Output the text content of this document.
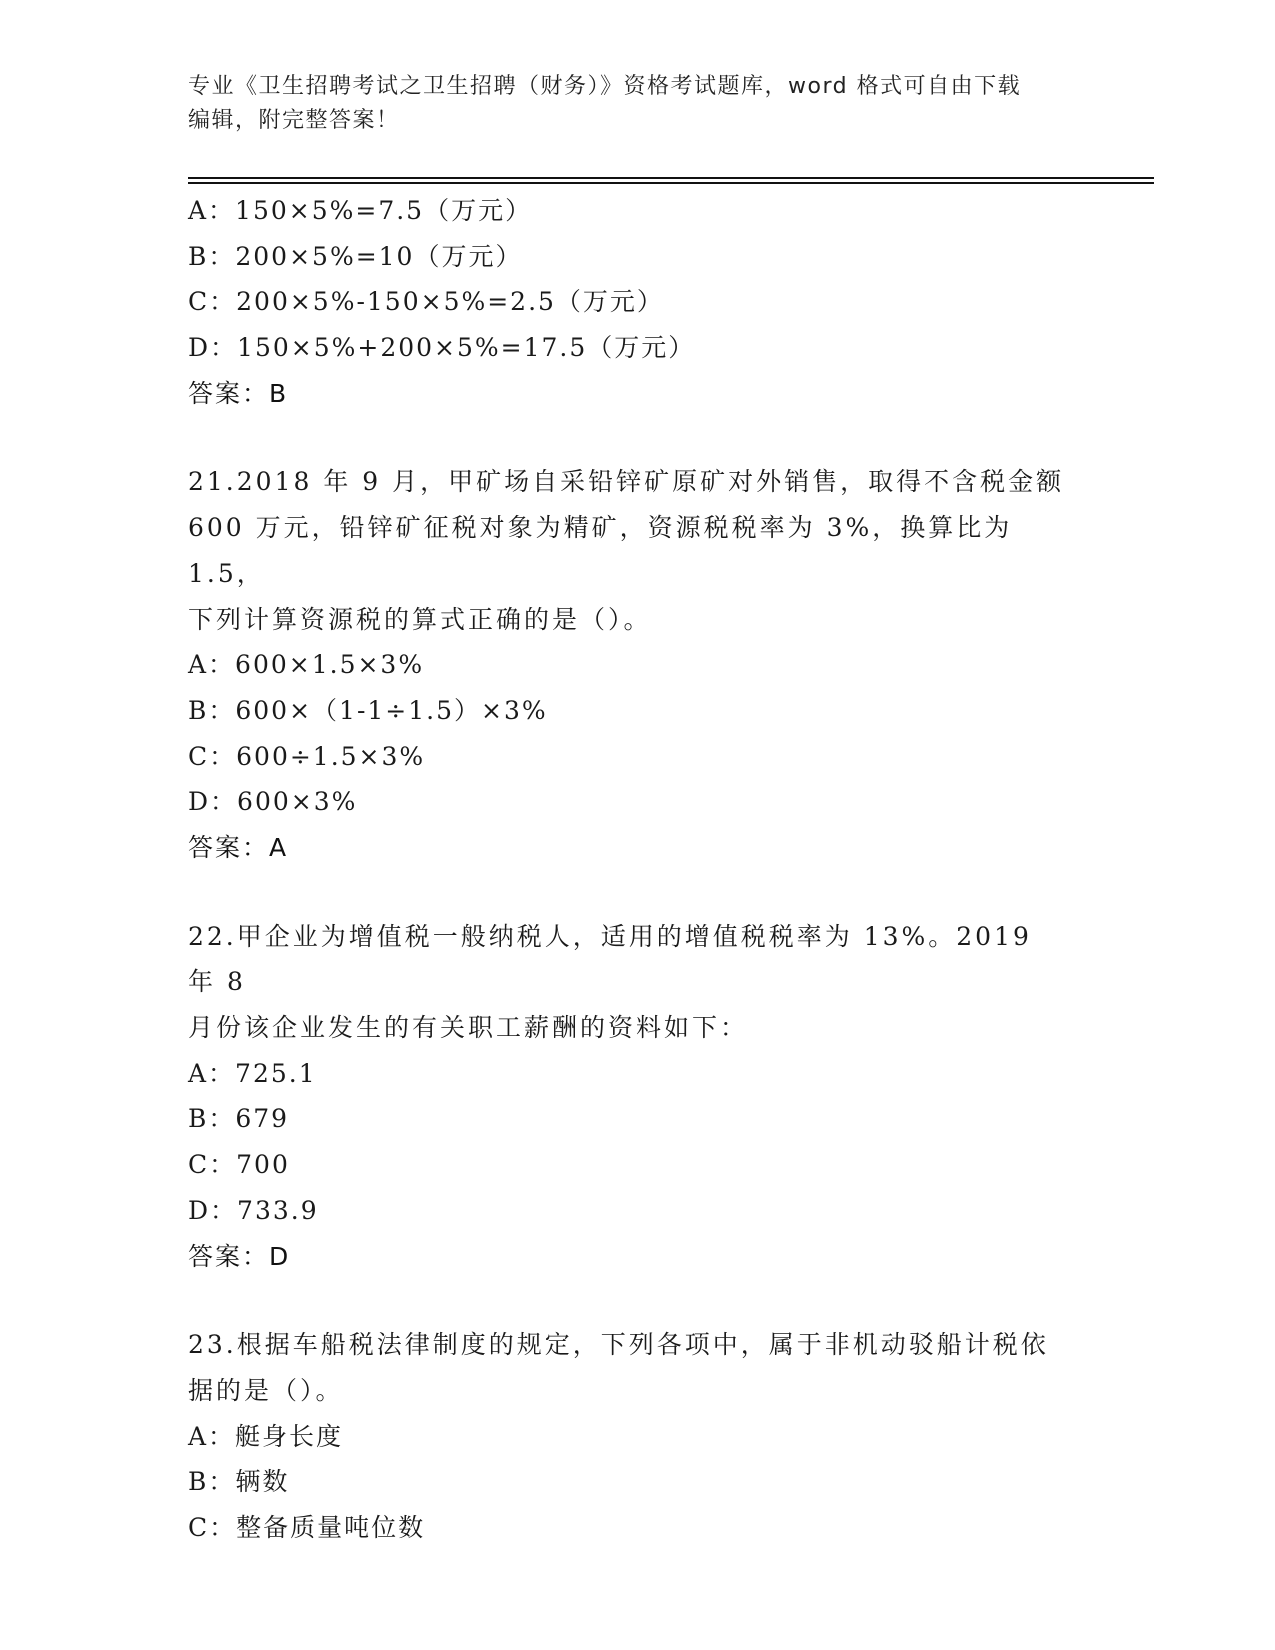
专业《卫生招聘考试之卫生招聘（财务）》资格考试题库，word 格式可自由下载
编辑，附完整答案！
A：150×5%=7.5（万元）
B：200×5%=10（万元）
C：200×5%-150×5%=2.5（万元）
D：150×5%+200×5%=17.5（万元）
答案：B
21.2018 年 9 月，甲矿场自采铅锌矿原矿对外销售，取得不含税金额
600 万元，铅锌矿征税对象为精矿，资源税税率为 3%，换算比为 1.5，
下列计算资源税的算式正确的是（）。
A：600×1.5×3%
B：600×（1-1÷1.5）×3%
C：600÷1.5×3%
D：600×3%
答案：A
22.甲企业为增值税一般纳税人，适用的增值税税率为 13%。2019 年 8
月份该企业发生的有关职工薪酬的资料如下：
A：725.1
B：679
C：700
D：733.9
答案：D
23.根据车船税法律制度的规定，下列各项中，属于非机动驳船计税依
据的是（）。
A：艇身长度
B：辆数
C：整备质量吨位数
